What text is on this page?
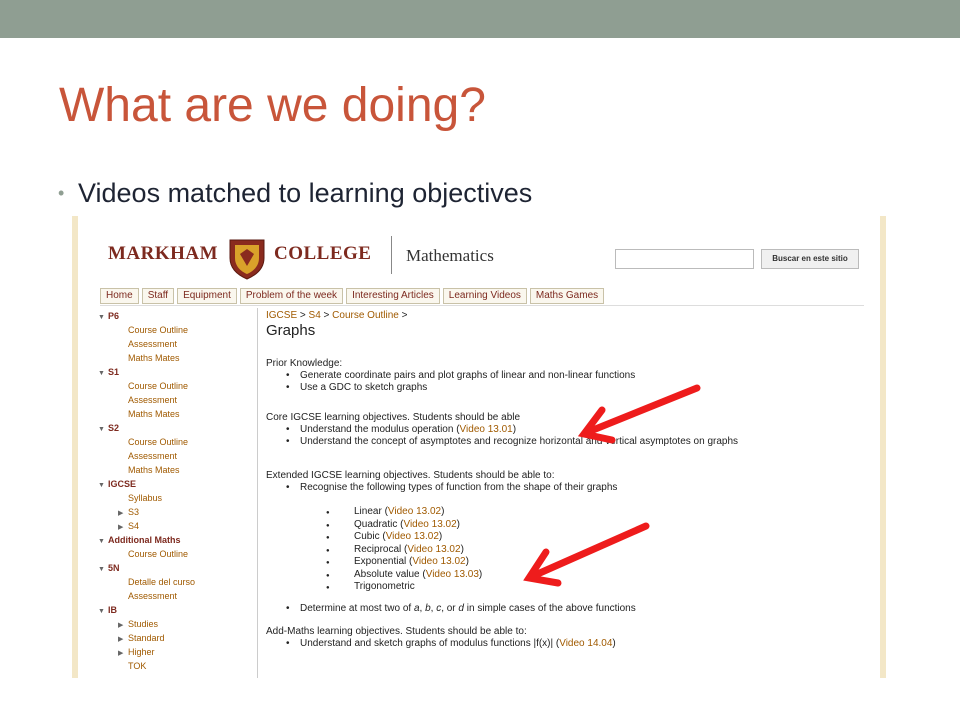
What are we doing?
• Videos matched to learning objectives
MARKHAM	COLLEGE Mathematics	Buscar en este sitio
Home	Staff	Equipment	Problem of the week	Interesting Articles	Learning Videos	Maths Games
▼ P6
Course Outline
Assessment
Maths Mates
▼ S1
Course Outline
Assessment
Maths Mates
▼ S2
Course Outline
Assessment
Maths Mates
▼ IGCSE
Syllabus
▶ S3
▶ S4
▼ Additional Maths
Course Outline
▼ 5N
Detalle del curso
Assessment
▼ IB
▶ Studies
▶ Standard
▶ Higher
TOK
IGCSE > S4 > Course Outline >
Graphs
Prior Knowledge:
• Generate coordinate pairs and plot graphs of linear and non-linear functions
• Use a GDC to sketch graphs
Core IGCSE learning objectives. Students should be able
• Understand the modulus operation (Video 13.01)
• Understand the concept of asymptotes and recognize horizontal and vertical asymptotes on graphs
Extended IGCSE learning objectives. Students should be able to:
• Recognise the following types of function from the shape of their graphs
● Linear (Video 13.02)
● Quadratic (Video 13.02)
● Cubic (Video 13.02)
● Reciprocal (Video 13.02)
● Exponential (Video 13.02)
● Absolute value (Video 13.03)
● Trigonometric
• Determine at most two of a, b, c, or d in simple cases of the above functions
Add-Maths learning objectives. Students should be able to:
• Understand and sketch graphs of modulus functions |f(x)| (Video 14.04)
